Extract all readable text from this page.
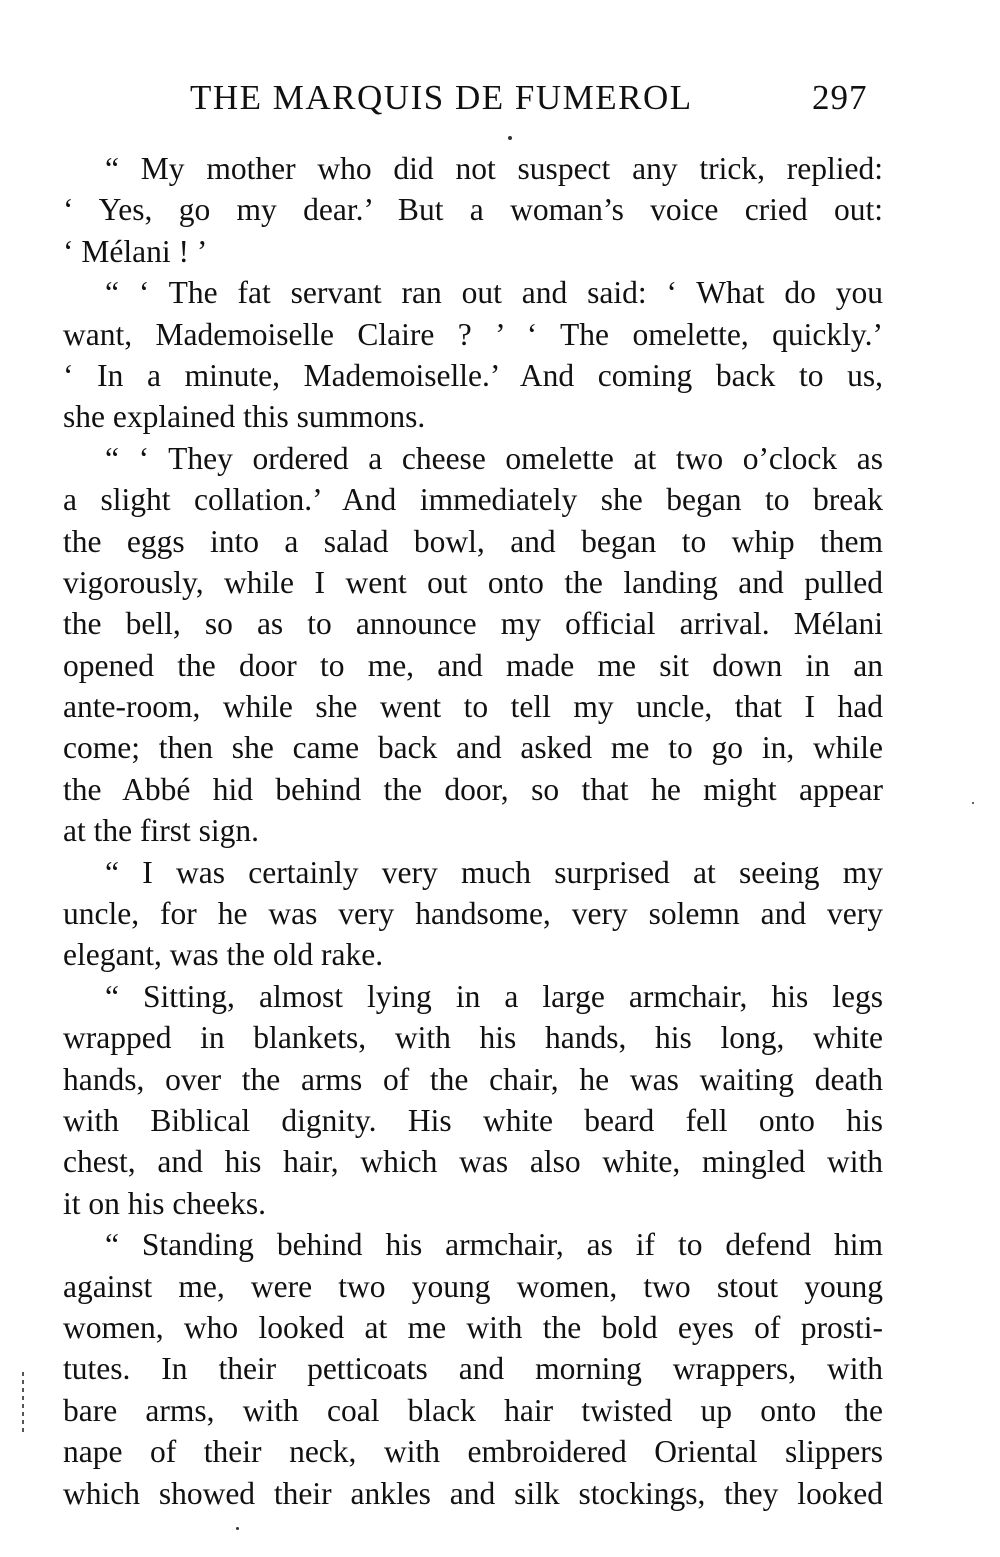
THE MARQUIS DE FUMEROL	297
“ My mother who did not suspect any trick, replied:
‘ Yes, go my dear.’ But a woman’s voice cried out:
‘ Mélani ! ’
“ ‘ The fat servant ran out and said: ‘ What do you
want, Mademoiselle Claire ? ’ ‘ The omelette, quickly.’
‘ In a minute, Mademoiselle.’ And coming back to us,
she explained this summons.
“ ‘ They ordered a cheese omelette at two o’clock as
a slight collation.’ And immediately she began to break
the eggs into a salad bowl, and began to whip them
vigorously, while I went out onto the landing and pulled
the bell, so as to announce my official arrival. Mélani
opened the door to me, and made me sit down in an
ante-room, while she went to tell my uncle, that I had
come; then she came back and asked me to go in, while
the Abbé hid behind the door, so that he might appear
at the first sign.
“ I was certainly very much surprised at seeing my
uncle, for he was very handsome, very solemn and very
elegant, was the old rake.
“ Sitting, almost lying in a large armchair, his legs
wrapped in blankets, with his hands, his long, white
hands, over the arms of the chair, he was waiting death
with Biblical dignity. His white beard fell onto his
chest, and his hair, which was also white, mingled with
it on his cheeks.
“ Standing behind his armchair, as if to defend him
against me, were two young women, two stout young
women, who looked at me with the bold eyes of prosti-
tutes. In their petticoats and morning wrappers, with
bare arms, with coal black hair twisted up onto the
nape of their neck, with embroidered Oriental slippers
which showed their ankles and silk stockings, they looked
